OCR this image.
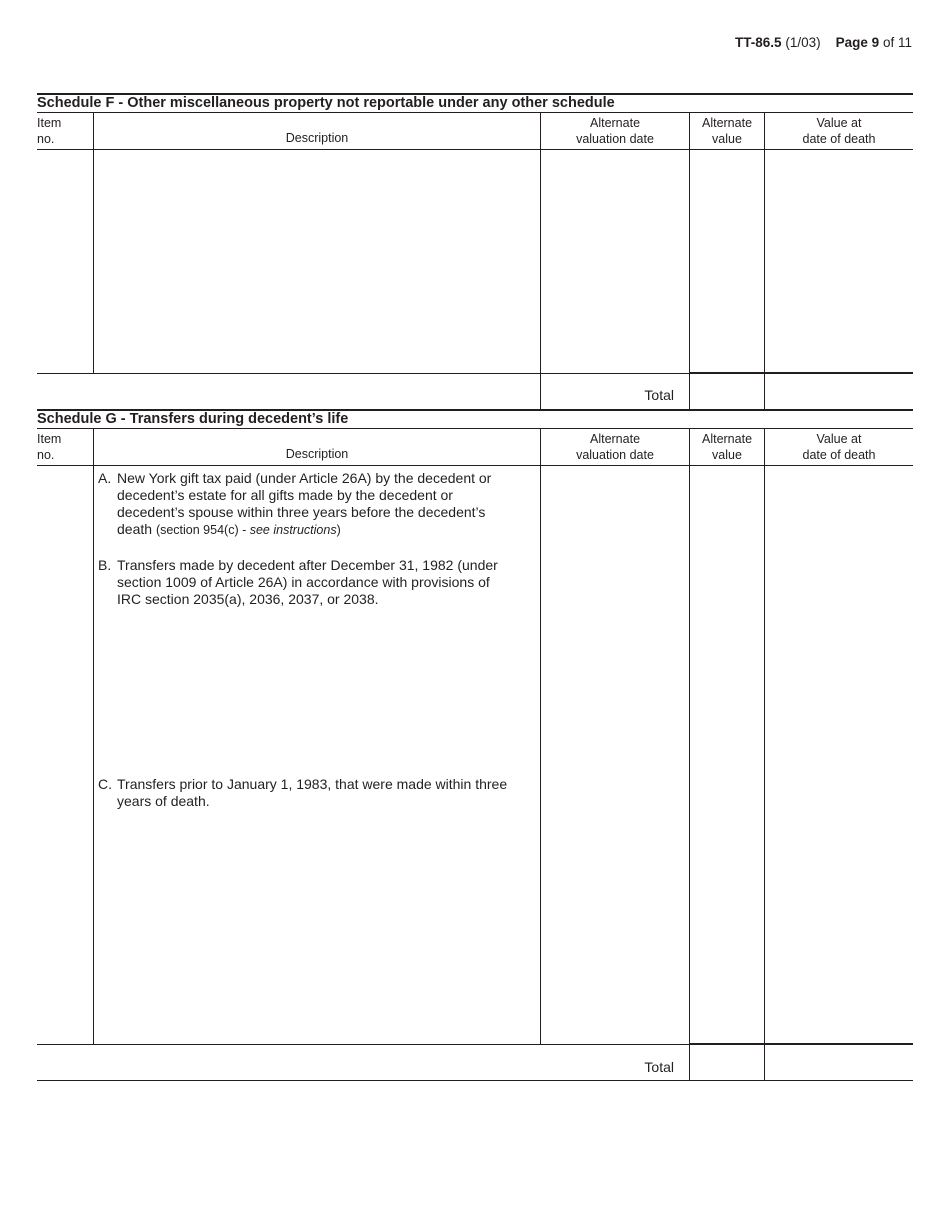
TT-86.5 (1/03) Page 9 of 11
Schedule F - Other miscellaneous property not reportable under any other schedule
Item
no.	Description
Alternate
valuation date
Alternate
value
Value at
date of death
Total
Schedule G - Transfers during decedent’s life
Item
no.	Description
Alternate
valuation date
Alternate
value
Value at
date of death
A. New York gift tax paid (under Article 26A) by the decedent or decedent’s estate for all gifts made by the decedent or decedent’s spouse within three years before the decedent’s death (section 954(c) - see instructions)
B. Transfers made by decedent after December 31, 1982 (under section 1009 of Article 26A) in accordance with provisions of IRC section 2035(a), 2036, 2037, or 2038.
C. Transfers prior to January 1, 1983, that were made within three years of death.
Total
